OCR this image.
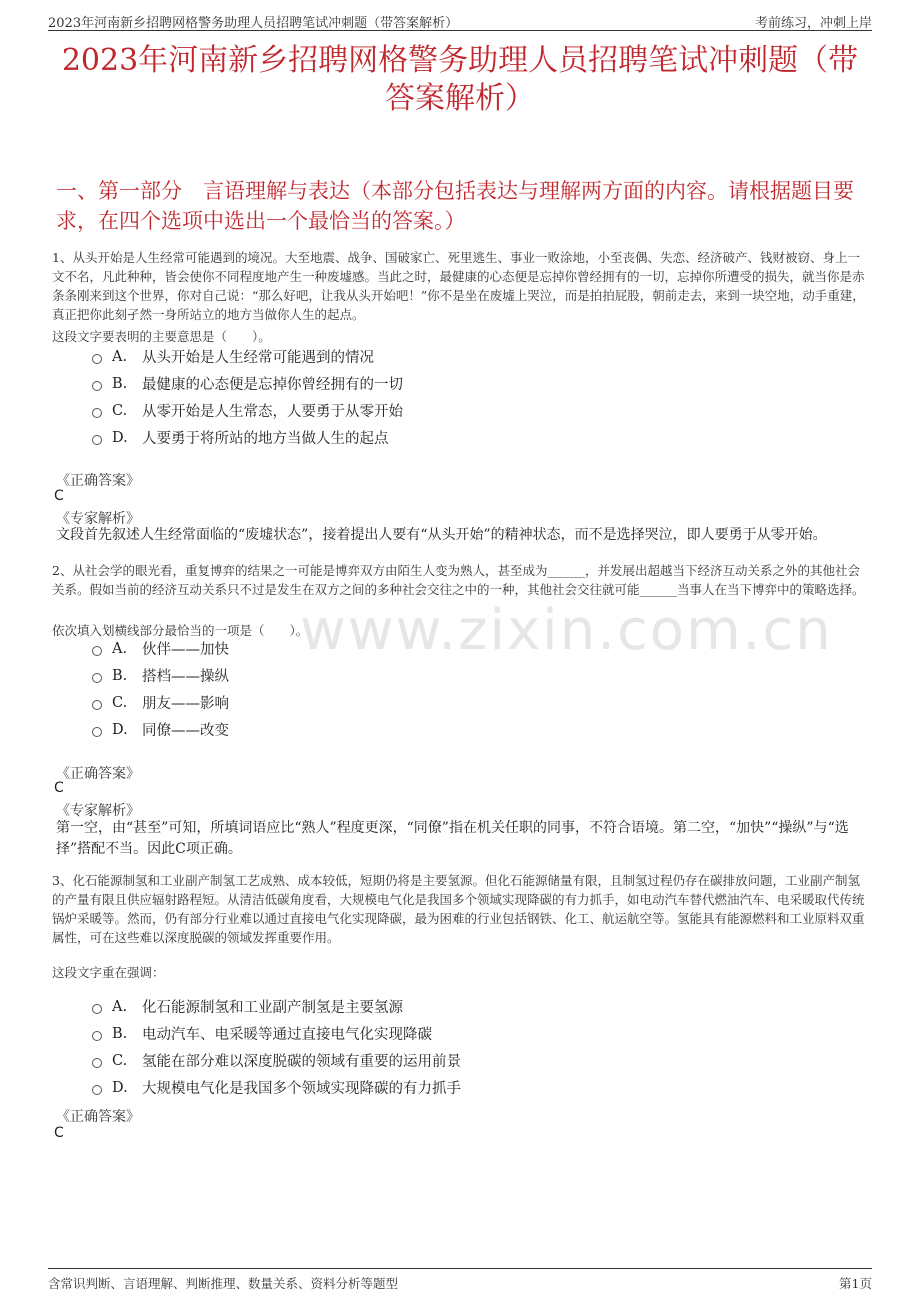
2023年河南新乡招聘网格警务助理人员招聘笔试冲刺题（带答案解析）	考前练习，冲刺上岸
2023年河南新乡招聘网格警务助理人员招聘笔试冲刺题（带答案解析）
一、第一部分　言语理解与表达（本部分包括表达与理解两方面的内容。请根据题目要求，在四个选项中选出一个最恰当的答案。）
www.zixin.com.cn
1、从头开始是人生经常可能遇到的境况。大至地震、战争、国破家亡、死里逃生、事业一败涂地，小至丧偶、失恋、经济破产、钱财被窃、身上一文不名，凡此种种，皆会使你不同程度地产生一种废墟感。当此之时，最健康的心态便是忘掉你曾经拥有的一切，忘掉你所遭受的损失，就当你是赤条条刚来到这个世界，你对自己说：“那么好吧，让我从头开始吧！”你不是坐在废墟上哭泣，而是拍拍屁股，朝前走去，来到一块空地，动手重建，真正把你此刻孑然一身所站立的地方当做你人生的起点。
这段文字要表明的主要意思是（　　）。
A.	从头开始是人生经常可能遇到的情况
B.	最健康的心态便是忘掉你曾经拥有的一切
C.	从零开始是人生常态，人要勇于从零开始
D. 人要勇于将所站的地方当做人生的起点
《正确答案》
C
《专家解析》
文段首先叙述人生经常面临的“废墟状态”，接着提出人要有“从头开始”的精神状态，而不是选择哭泣，即人要勇于从零开始。
2、从社会学的眼光看，重复博弈的结果之一可能是博弈双方由陌生人变为熟人，甚至成为______，并发展出超越当下经济互动关系之外的其他社会关系。假如当前的经济互动关系只不过是发生在双方之间的多种社会交往之中的一种，其他社会交往就可能______当事人在当下博弈中的策略选择。
依次填入划横线部分最恰当的一项是（　　）。
A.	伙伴——加快
B.	搭档——操纵
C.	朋友——影响
D. 同僚——改变
《正确答案》
C
《专家解析》
第一空，由“甚至”可知，所填词语应比“熟人”程度更深，“同僚”指在机关任职的同事，不符合语境。第二空，“加快”“操纵”与“选择”搭配不当。因此C项正确。
3、化石能源制氢和工业副产制氢工艺成熟、成本较低，短期仍将是主要氢源。但化石能源储量有限，且制氢过程仍存在碳排放问题，工业副产制氢的产量有限且供应辐射路程短。从清洁低碳角度看，大规模电气化是我国多个领域实现降碳的有力抓手，如电动汽车替代燃油汽车、电采暖取代传统锅炉采暖等。然而，仍有部分行业难以通过直接电气化实现降碳，最为困难的行业包括钢铁、化工、航运航空等。氢能具有能源燃料和工业原料双重属性，可在这些难以深度脱碳的领域发挥重要作用。
这段文字重在强调：
A.	化石能源制氢和工业副产制氢是主要氢源
B.	电动汽车、电采暖等通过直接电气化实现降碳
C.	氢能在部分难以深度脱碳的领域有重要的运用前景
D. 大规模电气化是我国多个领域实现降碳的有力抓手
《正确答案》
C
含常识判断、言语理解、判断推理、数量关系、资料分析等题型	第1页
